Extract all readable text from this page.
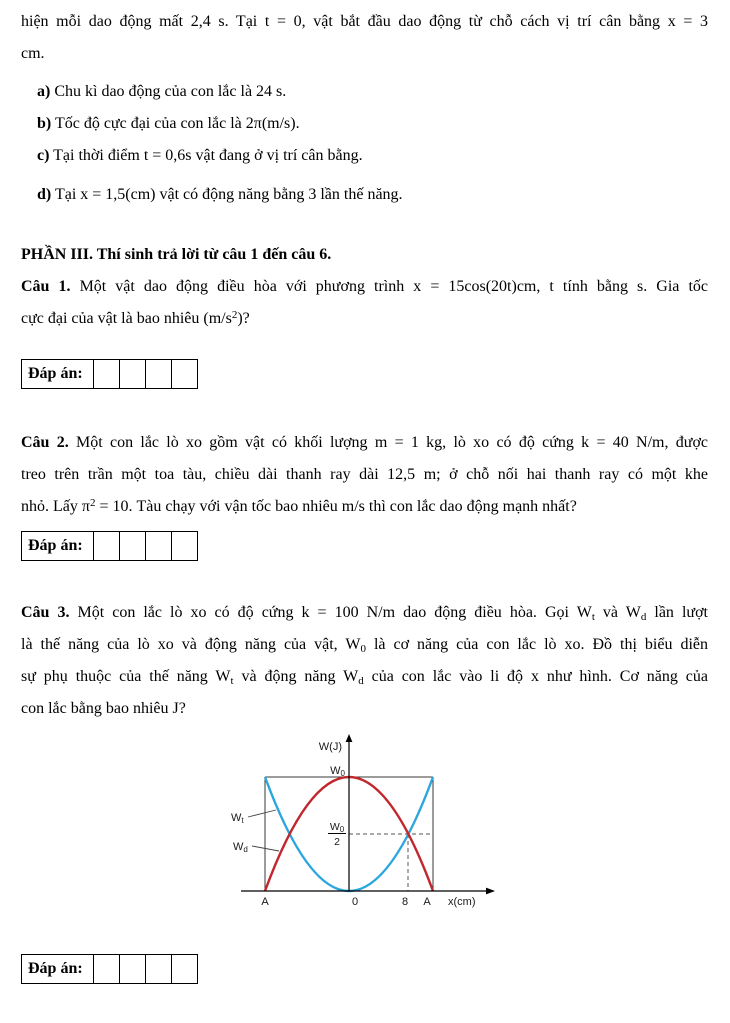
hiện mỗi dao động mất 2,4 s. Tại t = 0, vật bắt đầu dao động từ chỗ cách vị trí cân bằng x = 3
cm.
a) Chu kì dao động của con lắc là 24 s.
b) Tốc độ cực đại của con lắc là 2π(m/s).
c) Tại thời điểm t = 0,6s vật đang ở vị trí cân bằng.
d) Tại x = 1,5(cm) vật có động năng bằng 3 lần thế năng.
PHẦN III. Thí sinh trả lời từ câu 1 đến câu 6.
Câu 1. Một vật dao động điều hòa với phương trình x = 15cos(20t)cm, t tính bằng s. Gia tốc
cực đại của vật là bao nhiêu $(m/s^2)$?
Đáp án:				
Câu 2. Một con lắc lò xo gồm vật có khối lượng m = 1 kg, lò xo có độ cứng k = 40 N/m, được
treo trên trần một toa tàu, chiều dài thanh ray dài 12,5 m; ở chỗ nối hai thanh ray có một khe
nhỏ. Lấy $\pi^2 = 10$. Tàu chạy với vận tốc bao nhiêu m/s thì con lắc dao động mạnh nhất?
Đáp án:				
Câu 3. Một con lắc lò xo có độ cứng k = 100 N/m dao động điều hòa. Gọi $W_t$ và $W_d$ lần lượt
là thế năng của lò xo và động năng của vật, $W_0$ là cơ năng của con lắc lò xo. Đồ thị biểu diễn
sự phụ thuộc của thế năng $W_t$ và động năng $W_d$ của con lắc vào li độ x như hình. Cơ năng của
con lắc bằng bao nhiêu J?
W0
2
W(J)
W0
Wt
Wd
A	0	8 A x(cm)
Đáp án:				
